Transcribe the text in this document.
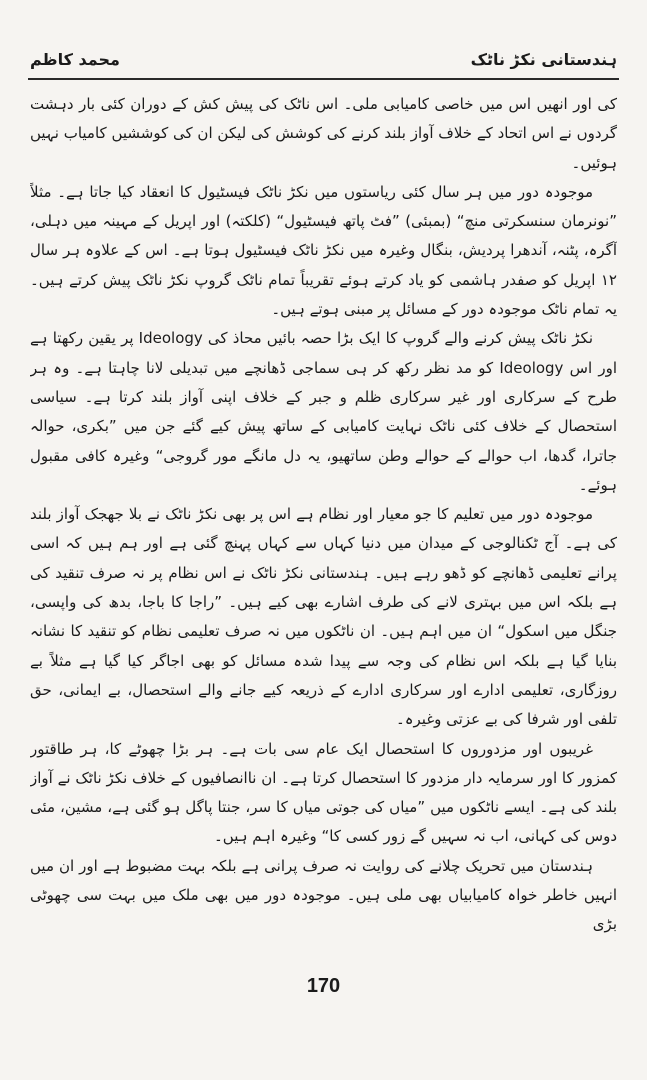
ہندستانی نکڑ ناٹک
محمد کاظم

کی اور انھیں اس میں خاصی کامیابی ملی۔ اس ناٹک کی پیش کش کے دوران کئی بار دہشت گردوں نے اس اتحاد کے خلاف آواز بلند کرنے کی کوشش کی لیکن ان کی کوششیں کامیاب نہیں ہوئیں۔

موجودہ دور میں ہر سال کئی ریاستوں میں نکڑ ناٹک فیسٹیول کا انعقاد کیا جاتا ہے۔ مثلاً ”نونرمان سنسکرتی منچ“ (بمبئی) ”فٹ پاتھ فیسٹیول“ (کلکتہ) اور اپریل کے مہینہ میں دہلی، آگرہ، پٹنہ، آندھرا پردیش، بنگال وغیرہ میں نکڑ ناٹک فیسٹیول ہوتا ہے۔ اس کے علاوہ ہر سال ۱۲ اپریل کو صفدر ہاشمی کو یاد کرتے ہوئے تقریباً تمام ناٹک گروپ نکڑ ناٹک پیش کرتے ہیں۔ یہ تمام ناٹک موجودہ دور کے مسائل پر مبنی ہوتے ہیں۔

نکڑ ناٹک پیش کرنے والے گروپ کا ایک بڑا حصہ بائیں محاذ کی Ideology پر یقین رکھتا ہے اور اس Ideology کو مد نظر رکھ کر ہی سماجی ڈھانچے میں تبدیلی لانا چاہتا ہے۔ وہ ہر طرح کے سرکاری اور غیر سرکاری ظلم و جبر کے خلاف اپنی آواز بلند کرتا ہے۔ سیاسی استحصال کے خلاف کئی ناٹک نہایت کامیابی کے ساتھ پیش کیے گئے جن میں ”بکری، حوالہ جاترا، گدھا، اب حوالے کے حوالے وطن ساتھیو، یہ دل مانگے مور گروجی“ وغیرہ کافی مقبول ہوئے۔

موجودہ دور میں تعلیم کا جو معیار اور نظام ہے اس پر بھی نکڑ ناٹک نے بلا جھجک آواز بلند کی ہے۔ آج ٹکنالوجی کے میدان میں دنیا کہاں سے کہاں پہنچ گئی ہے اور ہم ہیں کہ اسی پرانے تعلیمی ڈھانچے کو ڈھو رہے ہیں۔ ہندستانی نکڑ ناٹک نے اس نظام پر نہ صرف تنقید کی ہے بلکہ اس میں بہتری لانے کی طرف اشارے بھی کیے ہیں۔ ”راجا کا باجا، بدھ کی واپسی، جنگل میں اسکول“ ان میں اہم ہیں۔ ان ناٹکوں میں نہ صرف تعلیمی نظام کو تنقید کا نشانہ بنایا گیا ہے بلکہ اس نظام کی وجہ سے پیدا شدہ مسائل کو بھی اجاگر کیا گیا ہے مثلاً بے روزگاری، تعلیمی ادارے اور سرکاری ادارے کے ذریعہ کیے جانے والے استحصال، بے ایمانی، حق تلفی اور شرفا کی بے عزتی وغیرہ۔

غریبوں اور مزدوروں کا استحصال ایک عام سی بات ہے۔ ہر بڑا چھوٹے کا، ہر طاقتور کمزور کا اور سرمایہ دار مزدور کا استحصال کرتا ہے۔ ان ناانصافیوں کے خلاف نکڑ ناٹک نے آواز بلند کی ہے۔ ایسے ناٹکوں میں ”میاں کی جوتی میاں کا سر، جنتا پاگل ہو گئی ہے، مشین، مئی دوس کی کہانی، اب نہ سہیں گے زور کسی کا“ وغیرہ اہم ہیں۔

ہندستان میں تحریک چلانے کی روایت نہ صرف پرانی ہے بلکہ بہت مضبوط ہے اور ان میں انہیں خاطر خواہ کامیابیاں بھی ملی ہیں۔ موجودہ دور میں بھی ملک میں بہت سی چھوٹی بڑی

170
